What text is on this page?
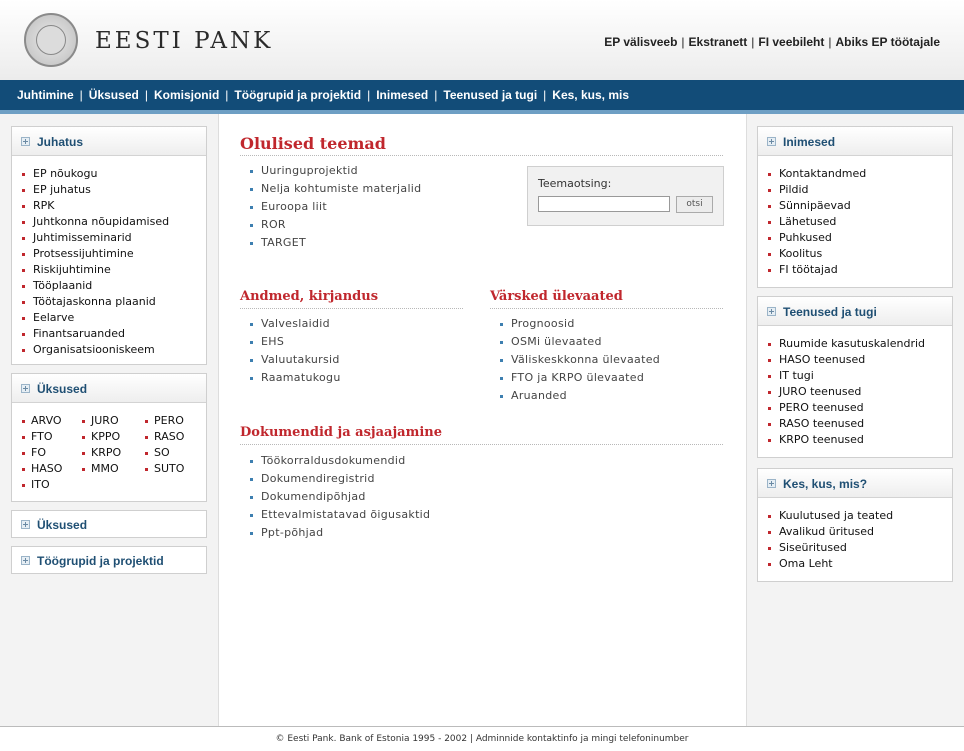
EESTI PANK	EP välisveeb | Ekstranett | FI veebileht | Abiks EP töötajale
Juhtimine | Üksused | Komisjonid | Töögrupid ja projektid | Inimesed | Teenused ja tugi | Kes, kus, mis
Juhatus
EP nõukogu
EP juhatus
RPK
Juhtkonna nõupidamised
Juhtimisseminarid
Protsessijuhtimine
Riskijuhtimine
Tööplaanid
Töötajaskonna plaanid
Eelarve
Finantsaruanded
Organisatsiooniskeem
Üksused
ARVO	JURO	PERO
FTO	KPPO	RASO
FO	KRPO	SO
HASO	MMO	SUTO
ITO
Üksused
Töögrupid ja projektid
Olulised teemad
Uuringuprojektid
Nelja kohtumiste materjalid
Euroopa liit
ROR
TARGET
Teemaotsing:
otsi
Andmed, kirjandus
Valveslaidid
EHS
Valuutakursid
Raamatukogu
Värsked ülevaated
Prognoosid
OSMi ülevaated
Väliskeskkonna ülevaated
FTO ja KRPO ülevaated
Aruanded
Dokumendid ja asjaajamine
Töökorraldusdokumendid
Dokumendiregistrid
Dokumendipõhjad
Ettevalmistatavad õigusaktid
Ppt-põhjad
Inimesed
Kontaktandmed
Pildid
Sünnipäevad
Lähetused
Puhkused
Koolitus
FI töötajad
Teenused ja tugi
Ruumide kasutuskalendrid
HASO teenused
IT tugi
JURO teenused
PERO teenused
RASO teenused
KRPO teenused
Kes, kus, mis?
Kuulutused ja teated
Avalikud üritused
Siseüritused
Oma Leht
© Eesti Pank. Bank of Estonia 1995 - 2002 | Adminnide kontaktinfo ja mingi telefoninumber
